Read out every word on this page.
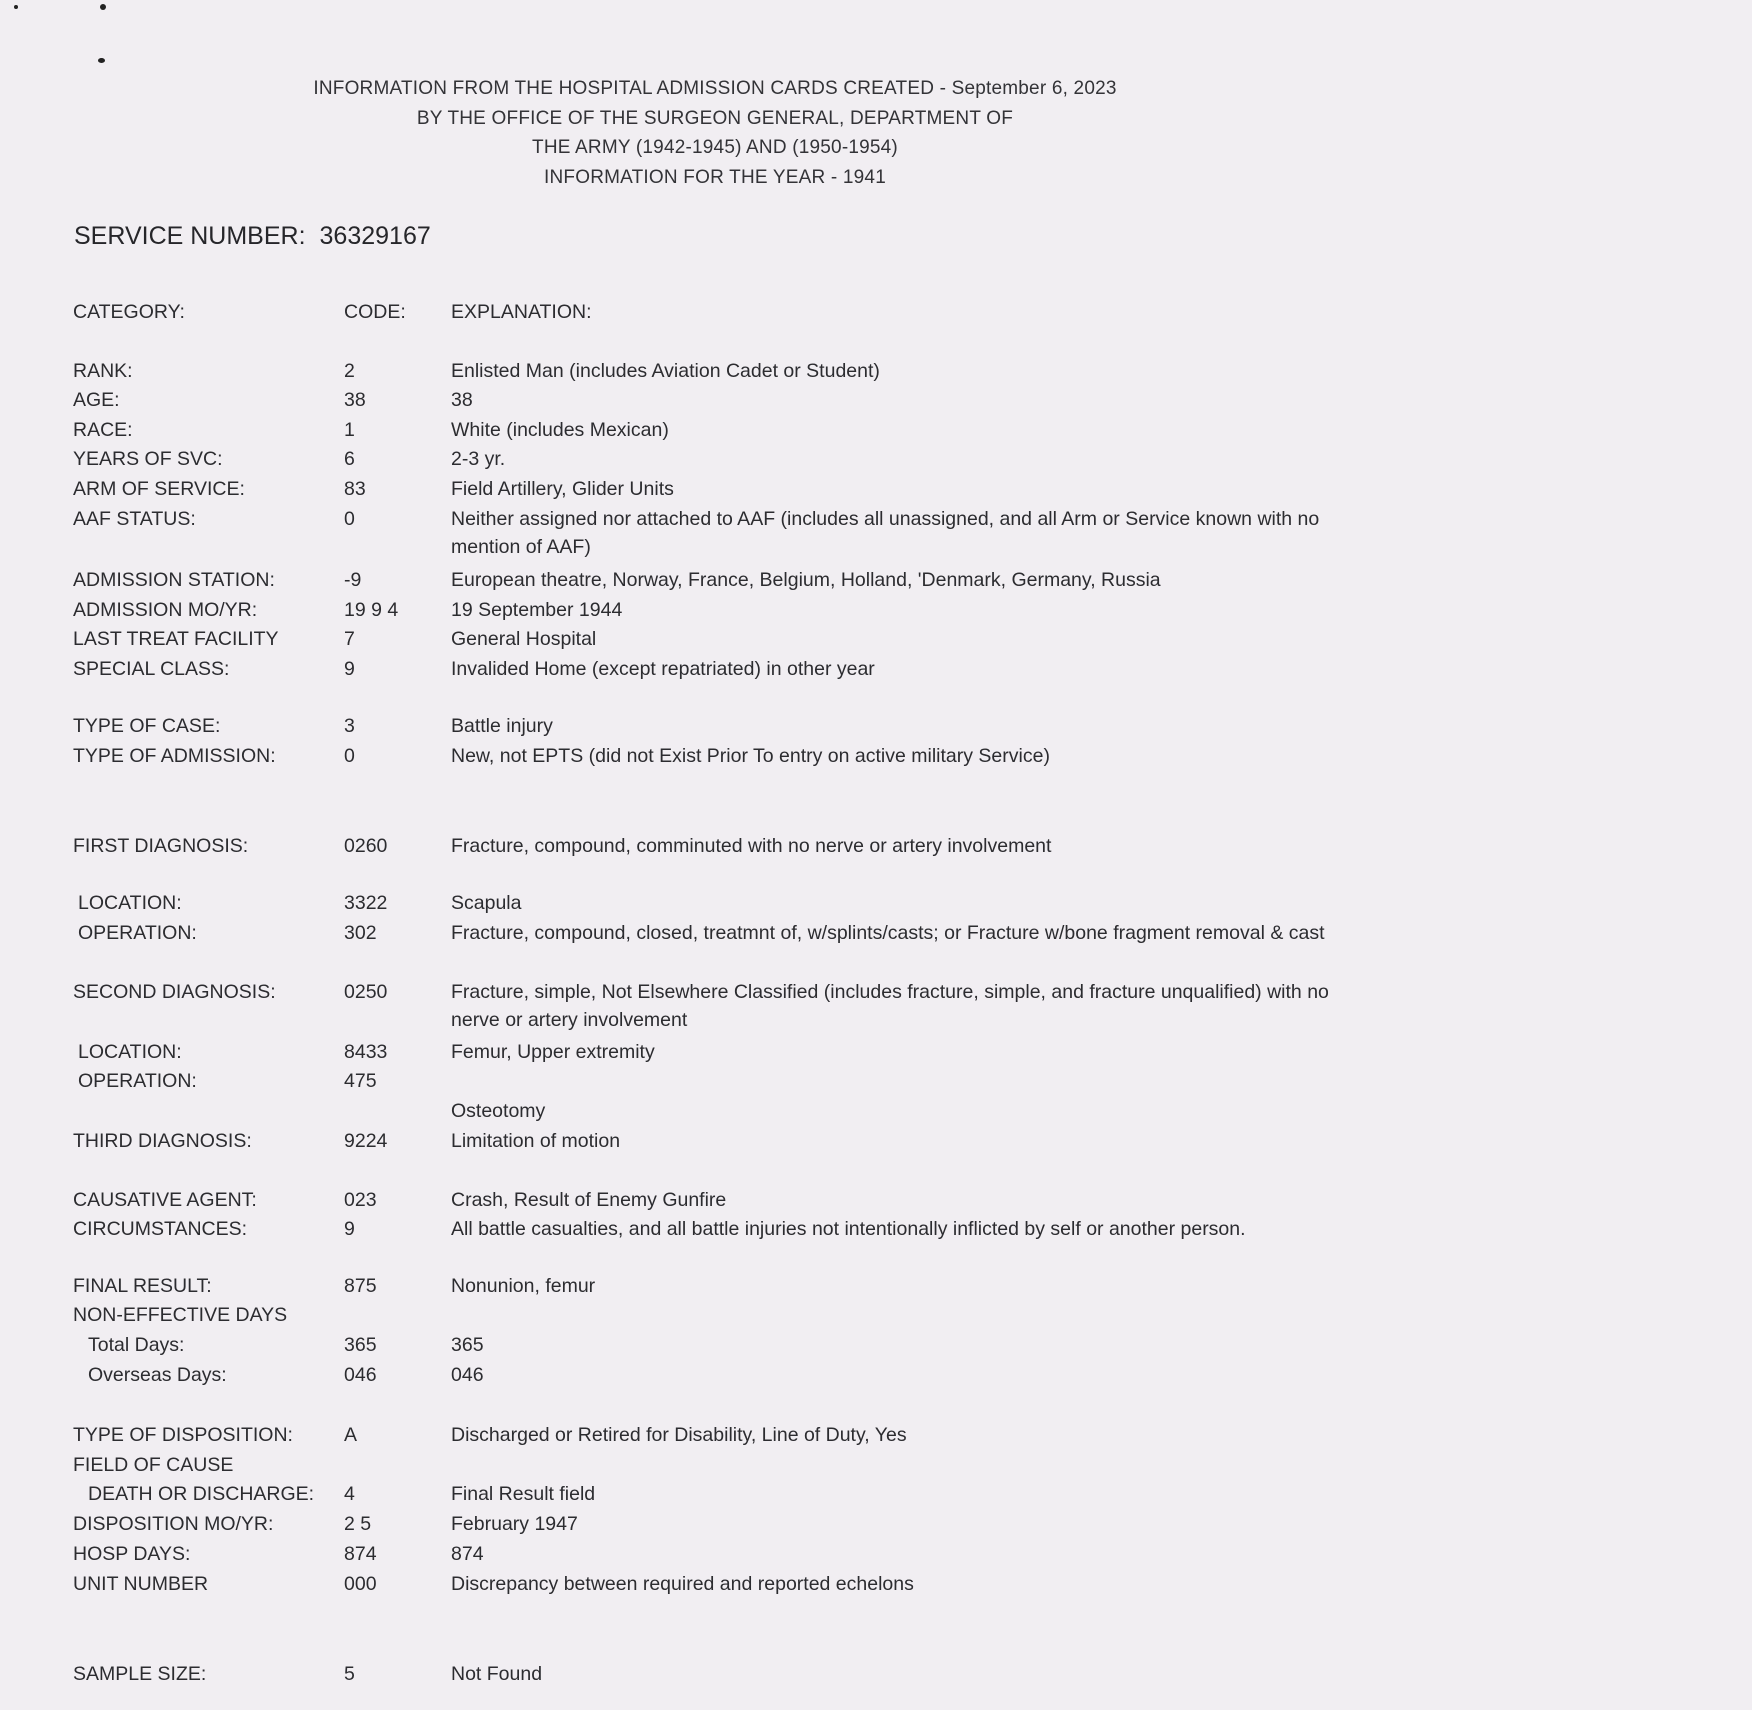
INFORMATION FROM THE HOSPITAL ADMISSION CARDS CREATED - September 6, 2023
BY THE OFFICE OF THE SURGEON GENERAL, DEPARTMENT OF
THE ARMY (1942-1945) AND (1950-1954)
INFORMATION FOR THE YEAR - 1941
SERVICE NUMBER: 36329167
CATEGORY:	CODE: EXPLANATION:
RANK:	2	Enlisted Man (includes Aviation Cadet or Student)
AGE:	38	38
RACE:	1	White (includes Mexican)
YEARS OF SVC:	6	2-3 yr.
ARM OF SERVICE:	83	Field Artillery, Glider Units
AAF STATUS:	0	Neither assigned nor attached to AAF (includes all unassigned, and all Arm or Service known with no mention of AAF)
ADMISSION STATION:	-9	European theatre, Norway, France, Belgium, Holland, 'Denmark, Germany, Russia
ADMISSION MO/YR:	19 9 4	19 September 1944
LAST TREAT FACILITY	7	General Hospital
SPECIAL CLASS:	9	Invalided Home (except repatriated) in other year
TYPE OF CASE:	3	Battle injury
TYPE OF ADMISSION:	0	New, not EPTS (did not Exist Prior To entry on active military Service)
FIRST DIAGNOSIS:	0260	Fracture, compound, comminuted with no nerve or artery involvement
LOCATION:	3322	Scapula
OPERATION:	302	Fracture, compound, closed, treatmnt of, w/splints/casts; or Fracture w/bone fragment removal & cast
SECOND DIAGNOSIS:	0250	Fracture, simple, Not Elsewhere Classified (includes fracture, simple, and fracture unqualified) with no nerve or artery involvement
LOCATION:	8433	Femur, Upper extremity
OPERATION:	475
Osteotomy
THIRD DIAGNOSIS:	9224	Limitation of motion
CAUSATIVE AGENT:	023	Crash, Result of Enemy Gunfire
CIRCUMSTANCES:	9	All battle casualties, and all battle injuries not intentionally inflicted by self or another person.
FINAL RESULT:	875	Nonunion, femur
NON-EFFECTIVE DAYS
Total Days:	365	365
Overseas Days:	046	046
TYPE OF DISPOSITION:	A	Discharged or Retired for Disability, Line of Duty, Yes
FIELD OF CAUSE
DEATH OR DISCHARGE: 4	Final Result field
DISPOSITION MO/YR:	2 5	February 1947
HOSP DAYS:	874	874
UNIT NUMBER	000	Discrepancy between required and reported echelons
SAMPLE SIZE:	5	Not Found
